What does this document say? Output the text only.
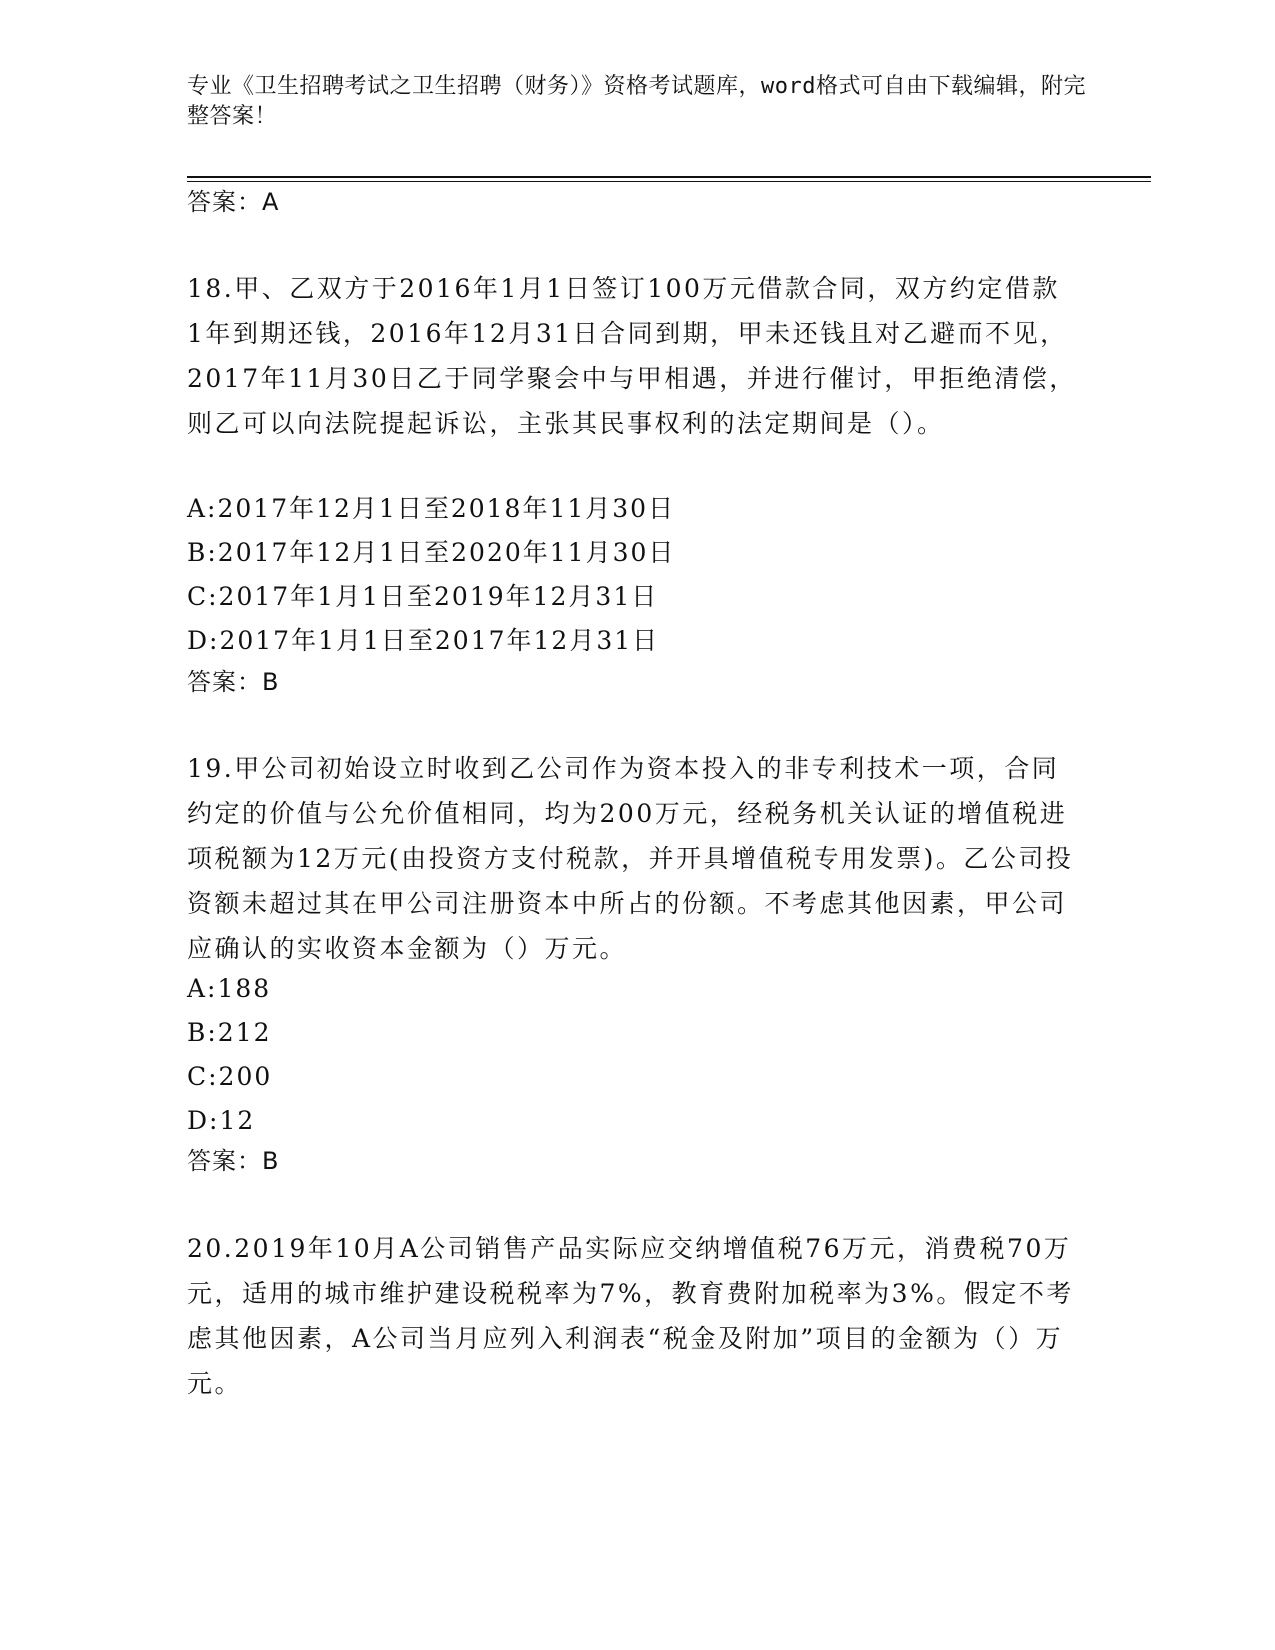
专业《卫生招聘考试之卫生招聘（财务）》资格考试题库，word格式可自由下载编辑，附完整答案！
答案：A
18.甲、乙双方于2016年1月1日签订100万元借款合同，双方约定借款1年到期还钱，2016年12月31日合同到期，甲未还钱且对乙避而不见，2017年11月30日乙于同学聚会中与甲相遇，并进行催讨，甲拒绝清偿，则乙可以向法院提起诉讼，主张其民事权利的法定期间是（）。
A:2017年12月1日至2018年11月30日
B:2017年12月1日至2020年11月30日
C:2017年1月1日至2019年12月31日
D:2017年1月1日至2017年12月31日
答案：B
19.甲公司初始设立时收到乙公司作为资本投入的非专利技术一项，合同约定的价值与公允价值相同，均为200万元，经税务机关认证的增值税进项税额为12万元(由投资方支付税款，并开具增值税专用发票)。乙公司投资额未超过其在甲公司注册资本中所占的份额。不考虑其他因素，甲公司应确认的实收资本金额为（）万元。
A:188
B:212
C:200
D:12
答案：B
20.2019年10月A公司销售产品实际应交纳增值税76万元，消费税70万元，适用的城市维护建设税税率为7%，教育费附加税率为3%。假定不考虑其他因素，A公司当月应列入利润表“税金及附加”项目的金额为（）万元。
